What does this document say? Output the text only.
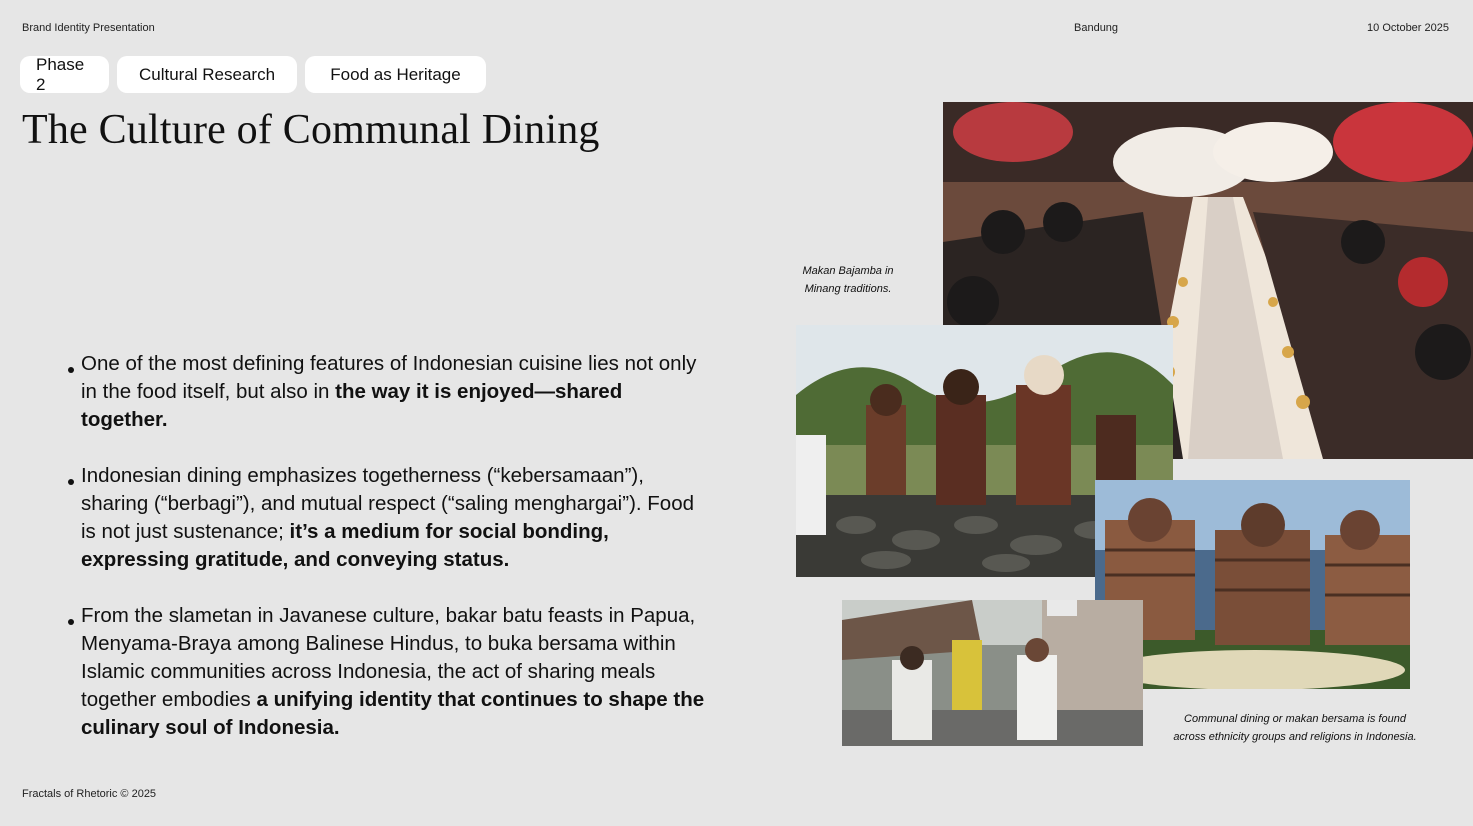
Brand Identity Presentation	Bandung	10 October 2025
Phase 2
Cultural Research	Food as Heritage
The Culture of Communal Dining
One of the most defining features of Indonesian cuisine lies not only in the food itself, but also in the way it is enjoyed—shared together.
Indonesian dining emphasizes togetherness (“kebersamaan”), sharing (“berbagi”), and mutual respect (“saling menghargai”). Food is not just sustenance; it’s a medium for social bonding, expressing gratitude, and conveying status.
From the slametan in Javanese culture, bakar batu feasts in Papua, Menyama-Braya among Balinese Hindus, to buka bersama within Islamic communities across Indonesia, the act of sharing meals together embodies a unifying identity that continues to shape the culinary soul of Indonesia.
Makan Bajamba in Minang traditions.
Communal dining or makan bersama is found across ethnicity groups and religions in Indonesia.
Fractals of Rhetoric © 2025
